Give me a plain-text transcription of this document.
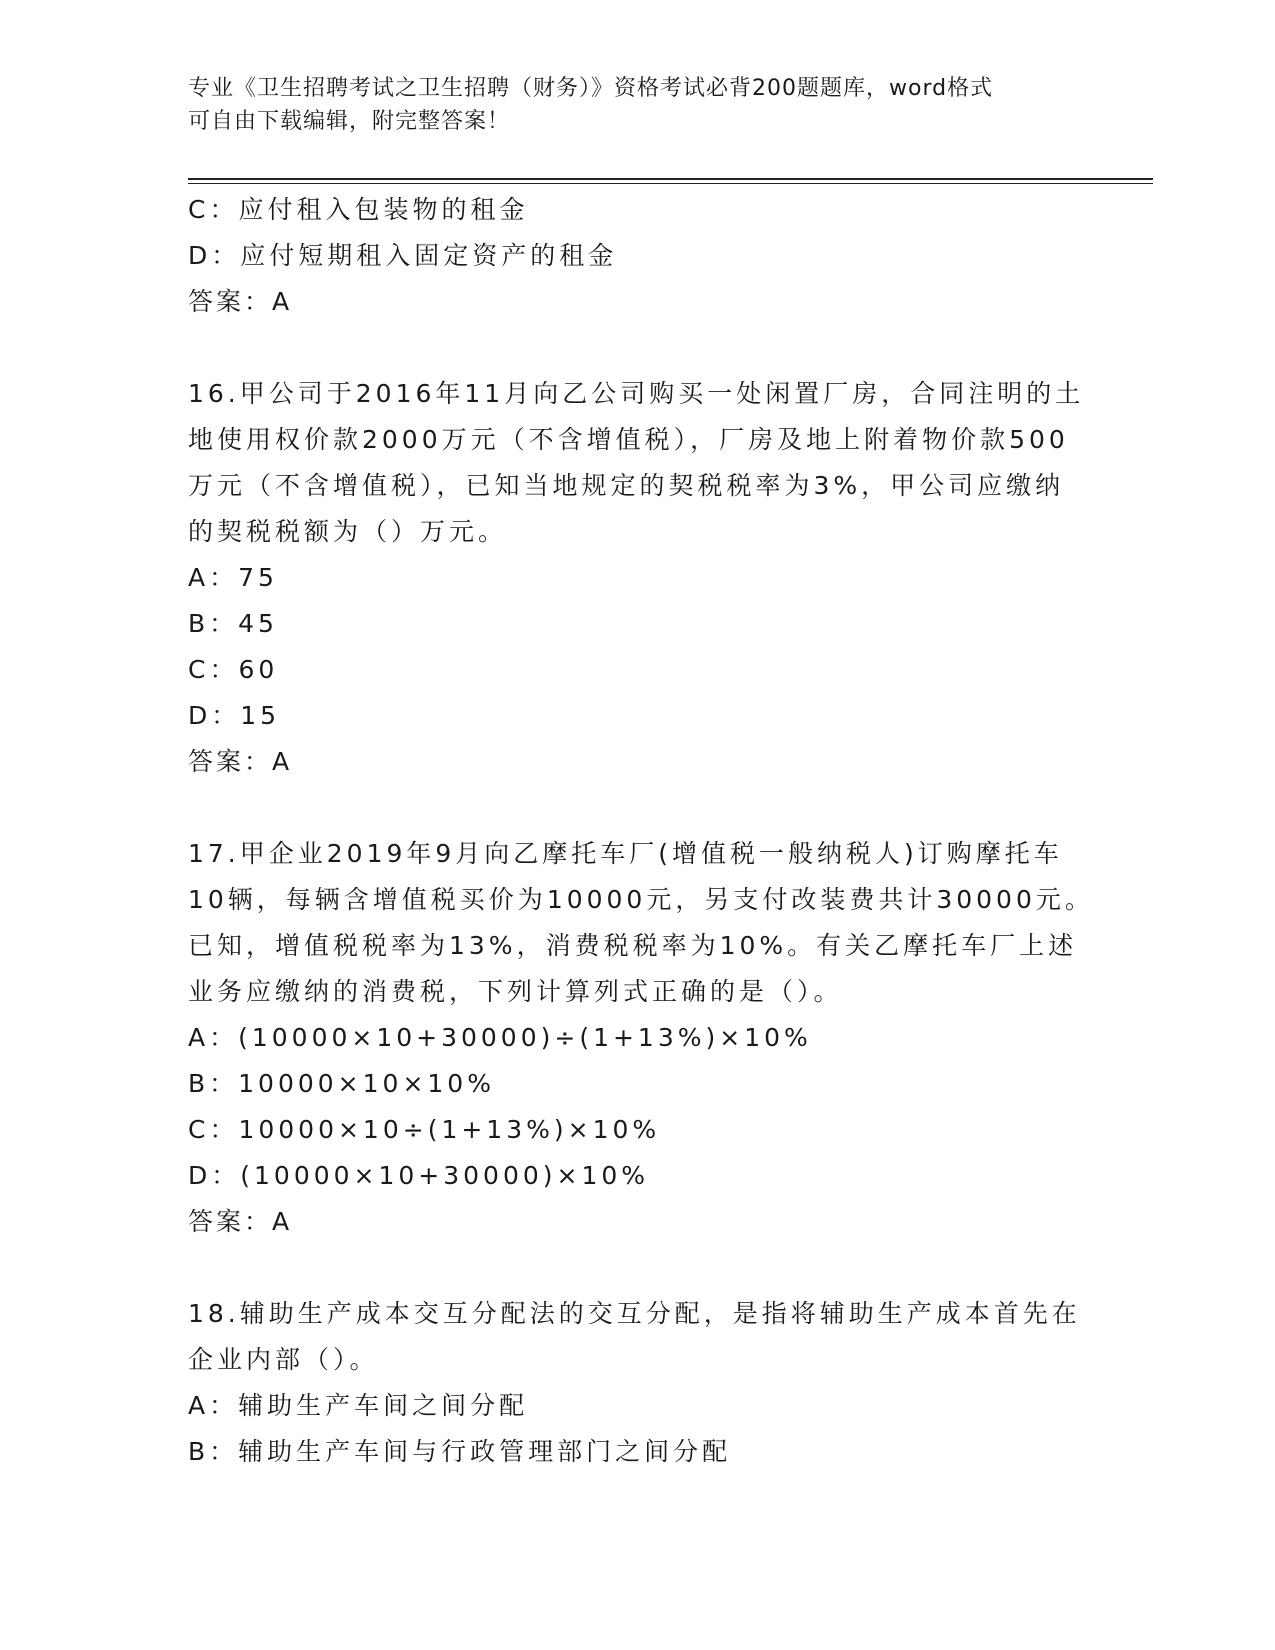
专业《卫生招聘考试之卫生招聘（财务）》资格考试必背200题题库，word格式
可自由下载编辑，附完整答案！
C：应付租入包装物的租金
D：应付短期租入固定资产的租金
答案：A
16.甲公司于2016年11月向乙公司购买一处闲置厂房，合同注明的土
地使用权价款2000万元（不含增值税），厂房及地上附着物价款500
万元（不含增值税），已知当地规定的契税税率为3%，甲公司应缴纳
的契税税额为（）万元。
A：75
B：45
C：60
D：15
答案：A
17.甲企业2019年9月向乙摩托车厂(增值税一般纳税人)订购摩托车
10辆，每辆含增值税买价为10000元，另支付改装费共计30000元。
已知，增值税税率为13%，消费税税率为10%。有关乙摩托车厂上述
业务应缴纳的消费税，下列计算列式正确的是（）。
A：(10000×10+30000)÷(1+13%)×10%
B：10000×10×10%
C：10000×10÷(1+13%)×10%
D：(10000×10+30000)×10%
答案：A
18.辅助生产成本交互分配法的交互分配，是指将辅助生产成本首先在
企业内部（）。
A：辅助生产车间之间分配
B：辅助生产车间与行政管理部门之间分配
